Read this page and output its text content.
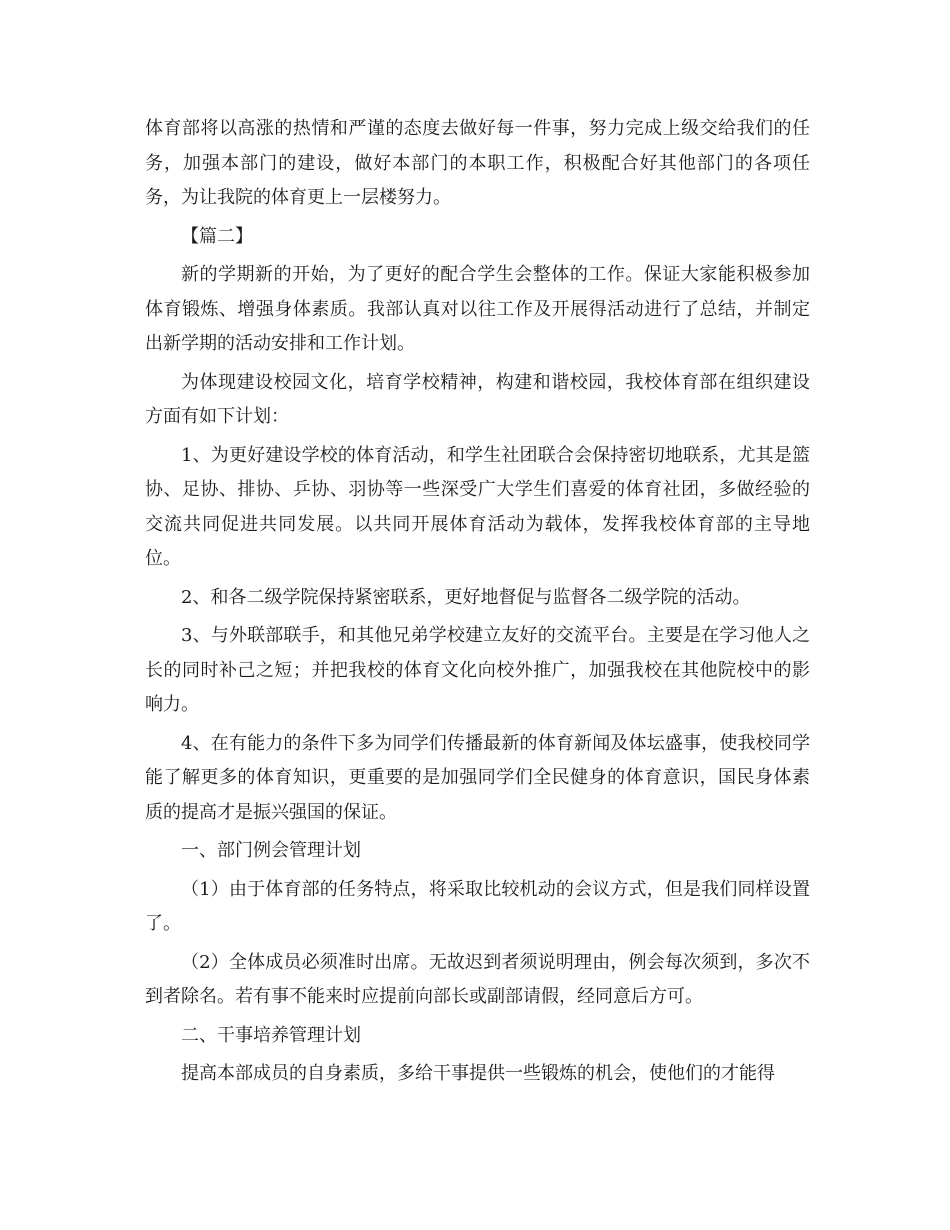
体育部将以高涨的热情和严谨的态度去做好每一件事，努力完成上级交给我们的任务，加强本部门的建设，做好本部门的本职工作，积极配合好其他部门的各项任务，为让我院的体育更上一层楼努力。

【篇二】

新的学期新的开始，为了更好的配合学生会整体的工作。保证大家能积极参加体育锻炼、增强身体素质。我部认真对以往工作及开展得活动进行了总结，并制定出新学期的活动安排和工作计划。

为体现建设校园文化，培育学校精神，构建和谐校园，我校体育部在组织建设方面有如下计划：

1、为更好建设学校的体育活动，和学生社团联合会保持密切地联系，尤其是篮协、足协、排协、乒协、羽协等一些深受广大学生们喜爱的体育社团，多做经验的交流共同促进共同发展。以共同开展体育活动为载体，发挥我校体育部的主导地位。

2、和各二级学院保持紧密联系，更好地督促与监督各二级学院的活动。

3、与外联部联手，和其他兄弟学校建立友好的交流平台。主要是在学习他人之长的同时补己之短；并把我校的体育文化向校外推广，加强我校在其他院校中的影响力。

4、在有能力的条件下多为同学们传播最新的体育新闻及体坛盛事，使我校同学能了解更多的体育知识，更重要的是加强同学们全民健身的体育意识，国民身体素质的提高才是振兴强国的保证。

一、部门例会管理计划

（1）由于体育部的任务特点，将采取比较机动的会议方式，但是我们同样设置了。

（2）全体成员必须准时出席。无故迟到者须说明理由，例会每次须到，多次不到者除名。若有事不能来时应提前向部长或副部请假，经同意后方可。

二、干事培养管理计划

提高本部成员的自身素质，多给干事提供一些锻炼的机会，使他们的才能得
